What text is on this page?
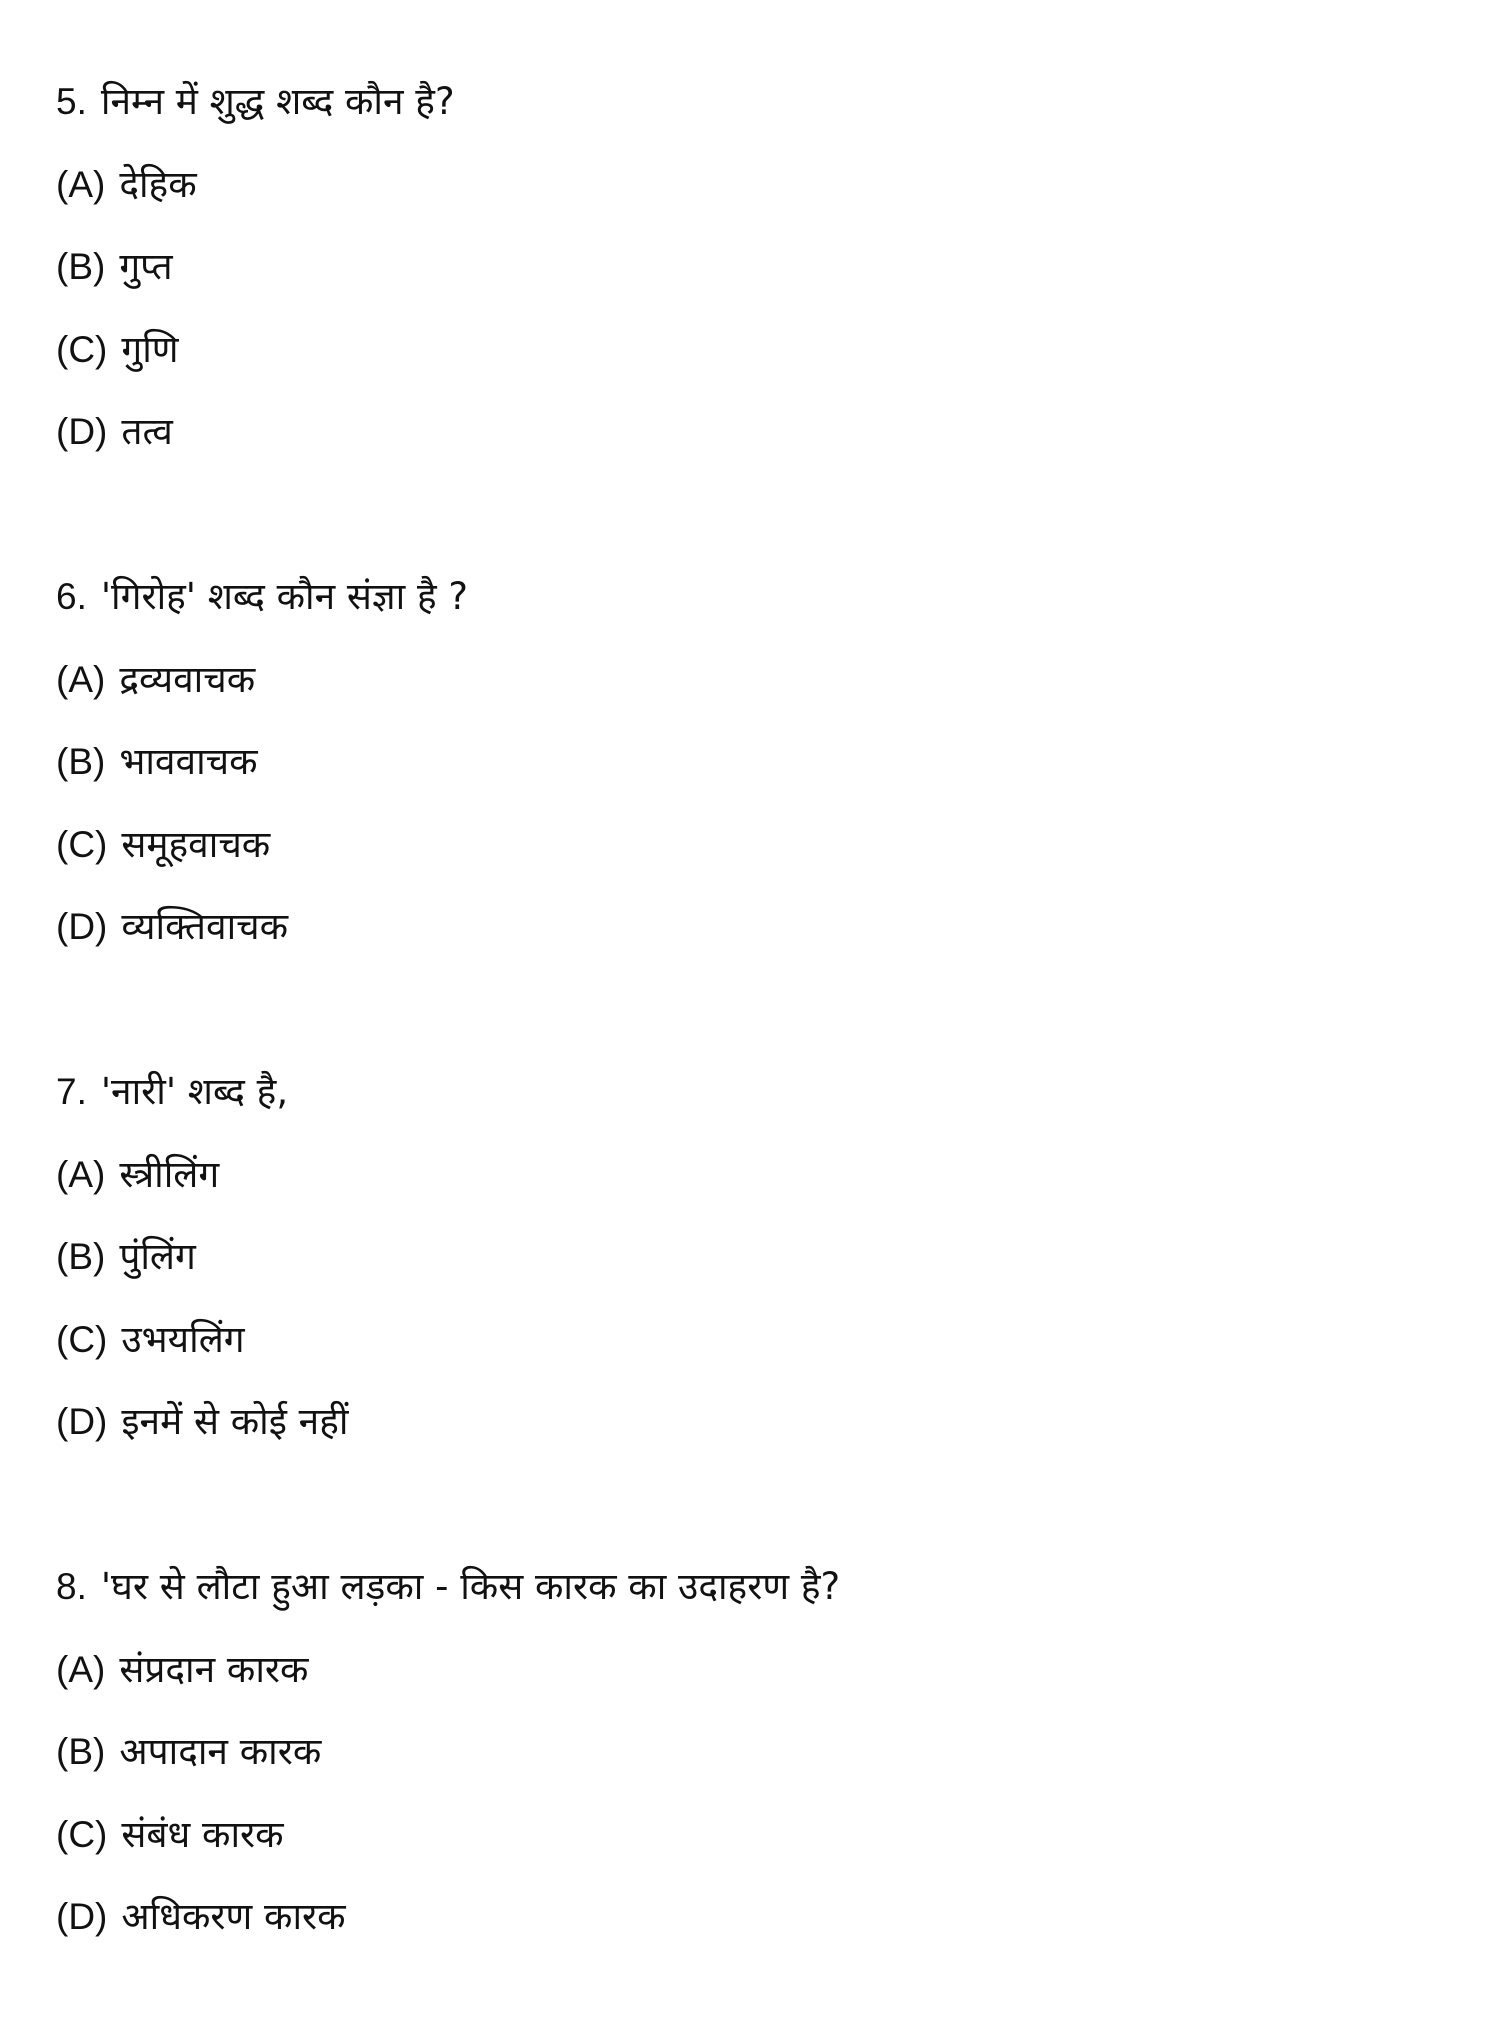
5. निम्न में शुद्ध शब्द कौन है?
(A) देहिक
(B) गुप्त
(C) गुणि
(D) तत्व
6. 'गिरोह' शब्द कौन संज्ञा है ?
(A) द्रव्यवाचक
(B) भाववाचक
(C) समूहवाचक
(D) व्यक्तिवाचक
7. 'नारी' शब्द है,
(A) स्त्रीलिंग
(B) पुंलिंग
(C) उभयलिंग
(D) इनमें से कोई नहीं
8. 'घर से लौटा हुआ लड़का - किस कारक का उदाहरण है?
(A) संप्रदान कारक
(B) अपादान कारक
(C) संबंध कारक
(D) अधिकरण कारक
